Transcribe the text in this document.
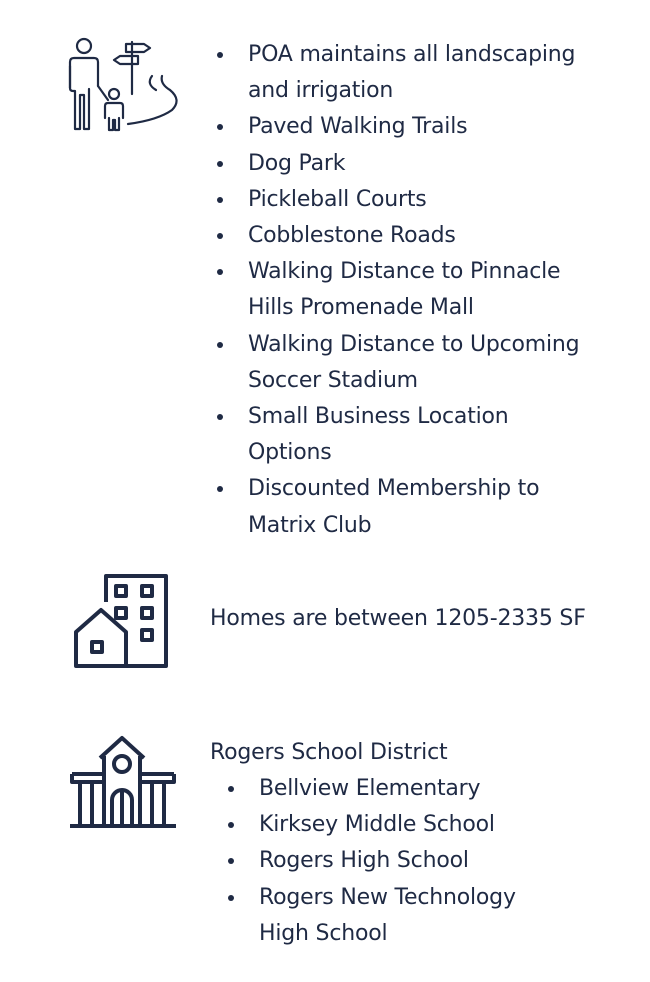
POA maintains all landscaping
and irrigation
Paved Walking Trails
Dog Park
Pickleball Courts
Cobblestone Roads
Walking Distance to Pinnacle
Hills Promenade Mall
Walking Distance to Upcoming
Soccer Stadium
Small Business Location
Options
Discounted Membership to
Matrix Club
Homes are between 1205-2335 SF
Rogers School District
Bellview Elementary
Kirksey Middle School
Rogers High School
Rogers New Technology
High School
